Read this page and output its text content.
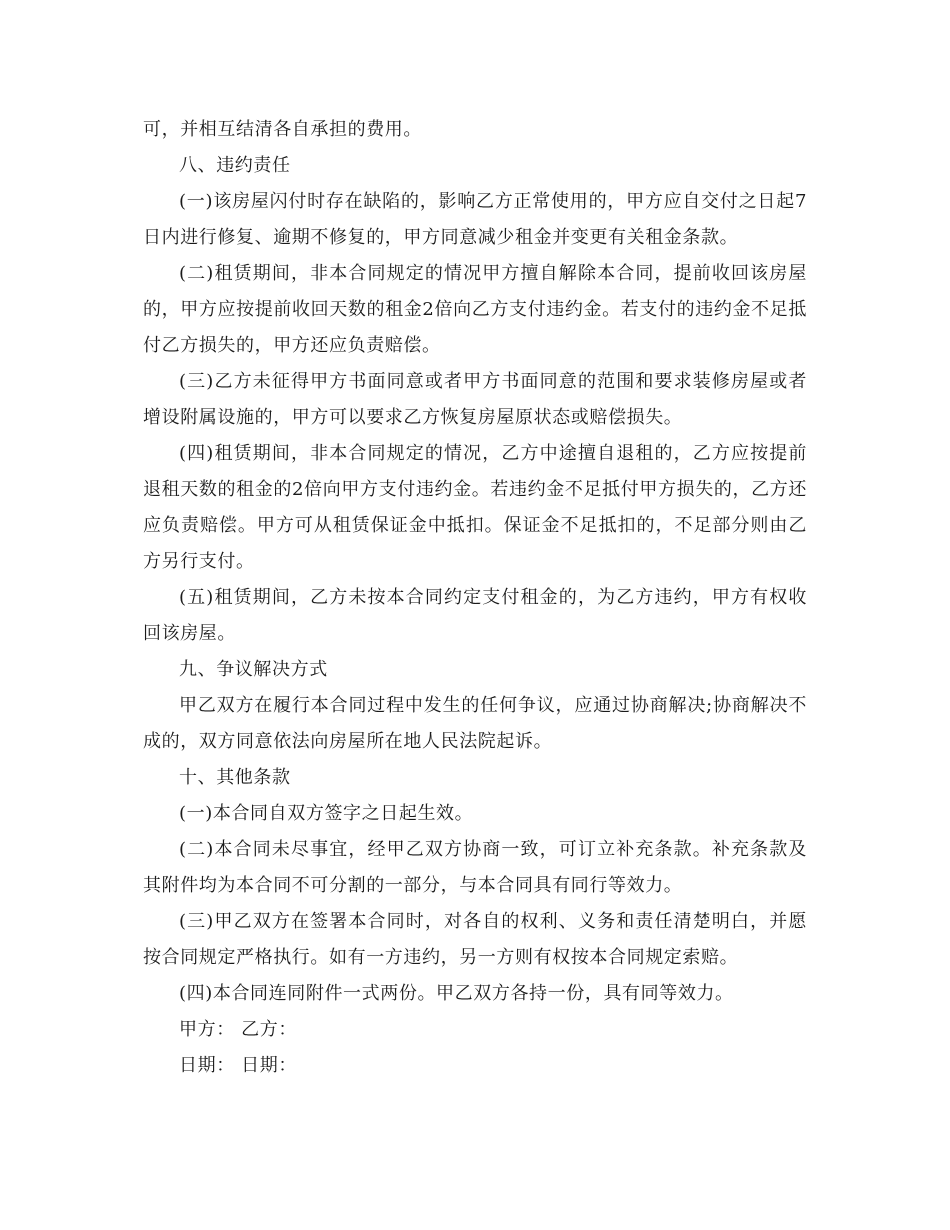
可，并相互结清各自承担的费用。

八、违约责任

(一)该房屋闪付时存在缺陷的，影响乙方正常使用的，甲方应自交付之日起7日内进行修复、逾期不修复的，甲方同意减少租金并变更有关租金条款。

(二)租赁期间，非本合同规定的情况甲方擅自解除本合同，提前收回该房屋的，甲方应按提前收回天数的租金2倍向乙方支付违约金。若支付的违约金不足抵付乙方损失的，甲方还应负责赔偿。

(三)乙方未征得甲方书面同意或者甲方书面同意的范围和要求装修房屋或者增设附属设施的，甲方可以要求乙方恢复房屋原状态或赔偿损失。

(四)租赁期间，非本合同规定的情况，乙方中途擅自退租的，乙方应按提前退租天数的租金的2倍向甲方支付违约金。若违约金不足抵付甲方损失的，乙方还应负责赔偿。甲方可从租赁保证金中抵扣。保证金不足抵扣的，不足部分则由乙方另行支付。

(五)租赁期间，乙方未按本合同约定支付租金的，为乙方违约，甲方有权收回该房屋。

九、争议解决方式

甲乙双方在履行本合同过程中发生的任何争议，应通过协商解决;协商解决不成的，双方同意依法向房屋所在地人民法院起诉。

十、其他条款

(一)本合同自双方签字之日起生效。

(二)本合同未尽事宜，经甲乙双方协商一致，可订立补充条款。补充条款及其附件均为本合同不可分割的一部分，与本合同具有同行等效力。

(三)甲乙双方在签署本合同时，对各自的权利、义务和责任清楚明白，并愿按合同规定严格执行。如有一方违约，另一方则有权按本合同规定索赔。

(四)本合同连同附件一式两份。甲乙双方各持一份，具有同等效力。

甲方： 乙方：

日期： 日期：
